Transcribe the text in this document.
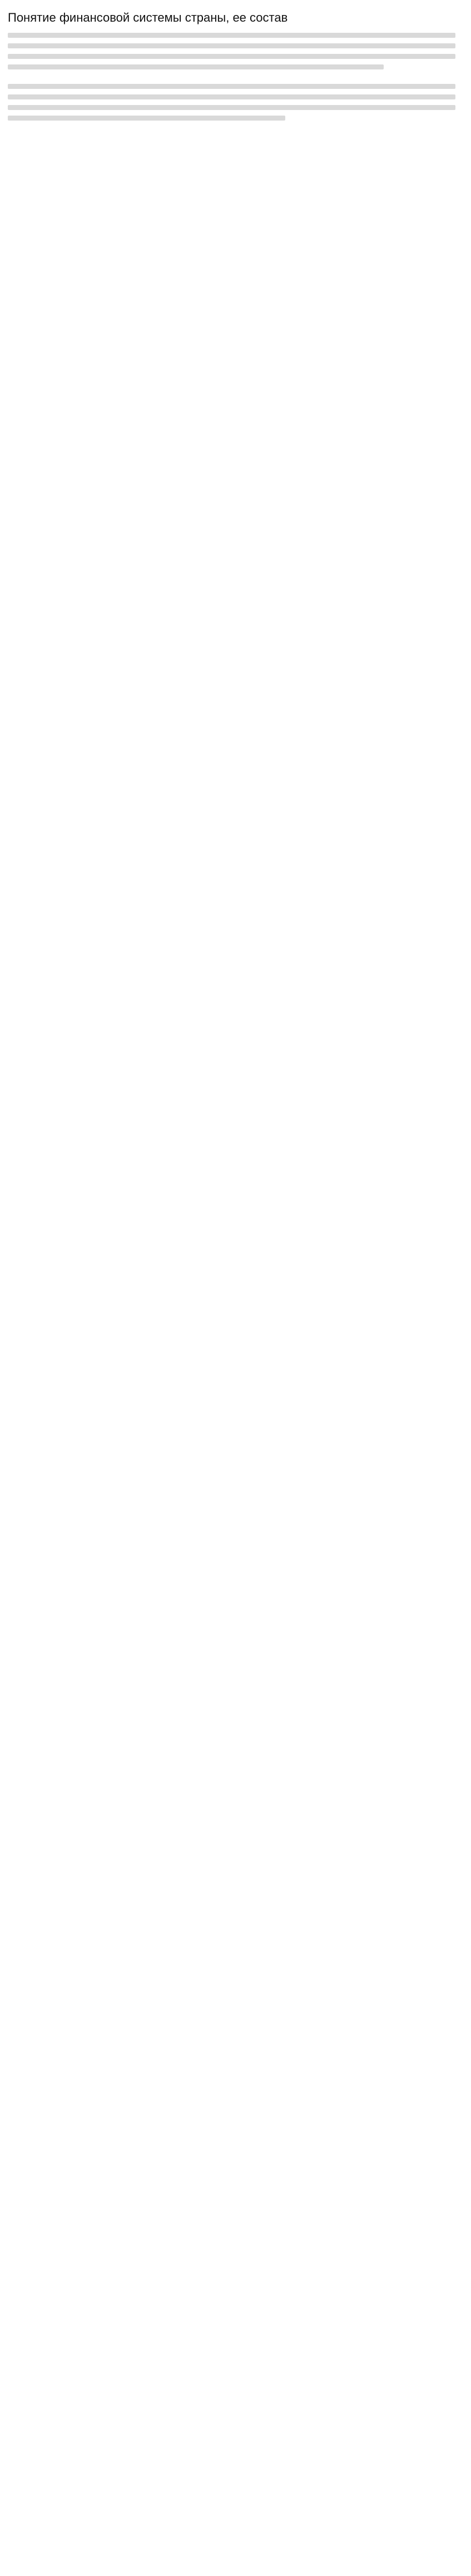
Понятие финансовой системы страны, ее состав
